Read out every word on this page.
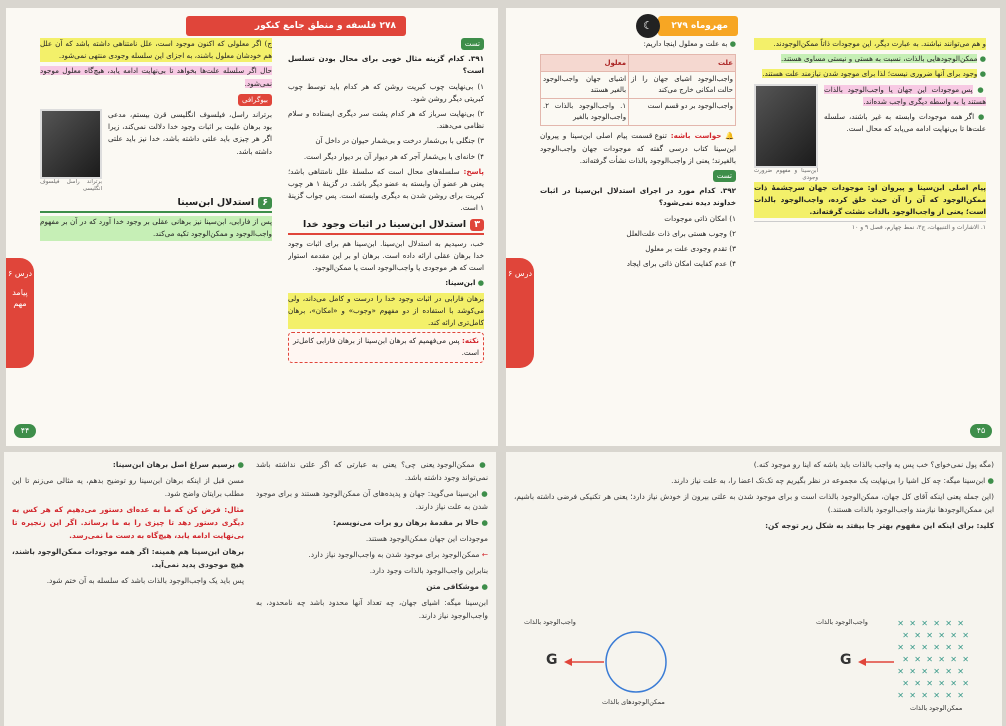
۲۷۸ فلسفه و منطق جامع کنکور
تست
۳۹۱. کدام گزینه مثال خوبی برای محال بودن تسلسل است؟
۱) بی‌نهایت چوب کبریت روشن که هر کدام باید توسط چوب کبریتی دیگر روشن شود.
۲) بی‌نهایت سرباز که هر کدام پشت سر دیگری ایستاده و سلام نظامی می‌دهند.
۳) جنگلی با بی‌شمار درخت و بی‌شمار حیوان در داخل آن
۴) خانه‌ای با بی‌شمار آجر که هر دیوار آن بر دیوار دیگر است.
پاسخ: سلسله‌های محال است که سلسلهٔ علل نامتناهی باشد؛ یعنی هر عضو آن وابسته به عضو دیگر باشد. در گزینهٔ ۱ هر چوب کبریت برای روشن شدن به دیگری وابسته است. پس جواب گزینهٔ ۱ است.
۳استدلال ابن‌سینا در اثبات وجود خدا
خب، رسیدیم به استدلال ابن‌سینا. ابن‌سینا هم برای اثبات وجود خدا برهان عقلی ارائه داده است. برهان او بر این مقدمه استوار است که هر موجودی یا واجب‌الوجود است یا ممکن‌الوجود.
● ابن‌سینا:
برهان فارابی در اثبات وجود خدا را درست و کامل می‌داند، ولی می‌کوشد با استفاده از دو مفهوم «وجوب» و «امکان»، برهان کامل‌تری ارائه کند.
نکته: پس می‌فهمیم که برهان ابن‌سینا از برهان فارابی کامل‌تر است.
درس ۶
پیامد مهم
ج) اگر معلولی که اکنون موجود است، علل نامتناهی داشته باشد که آن علل هم خودشان معلول باشند، به اجزای این سلسله وجودی منتهی نمی‌شود.
حال اگر سلسله علت‌ها بخواهد تا بی‌نهایت ادامه یابد، هیچ‌گاه معلول موجود نمی‌شود.
بیوگرافی
برتراند راسل، فیلسوف انگلیسی قرن بیستم، مدعی بود برهان علیت بر اثبات وجود خدا دلالت نمی‌کند، زیرا اگر هر چیزی باید علتی داشته باشد، خدا نیز باید علتی داشته باشد.
برتراند راسل فیلسوف انگلیسی
۶استدلال ابن‌سینا
پس از فارابی، ابن‌سینا نیز برهانی عقلی بر وجود خدا آورد که در آن بر مفهوم واجب‌الوجود و ممکن‌الوجود تکیه می‌کند.
۴۴
مهروماه ۲۷۹
☾
و هم می‌توانند نباشند. به عبارت دیگر، این موجودات ذاتاً ممکن‌الوجودند.
● ممکن‌الوجودهایی بالذات، نسبت به هستی و نیستی مساوی هستند.
● وجود برای آنها ضروری نیست؛ لذا برای موجود شدن نیازمند علت هستند.
● پس موجودات این جهان یا واجب‌الوجود بالذات هستند یا به واسطه دیگری واجب شده‌اند.
● اگر همه موجودات وابسته به غیر باشند، سلسله علت‌ها تا بی‌نهایت ادامه می‌یابد که محال است.
ابن‌سینا و مفهوم ضرورت وجودی
پیام اصلی ابن‌سینا و پیروان او: موجودات جهان سرچشمهٔ ذات ممکن‌الوجود که آن را آن حیث خلق کرده، واجب‌الوجود بالذات است؛ یعنی از واجب‌الوجود بالذات نشئت گرفته‌اند.
۱. الاشارات و التنبیهات، ج۳، نمط چهارم، فصل ۹ و ۱۰
● به علت و معلول اینجا داریم:
علت	معلول
واجب‌الوجود اشیای جهان را از حالت امکانی خارج می‌کند	اشیای جهان واجب‌الوجود بالغیر هستند
واجب‌الوجود بر دو قسم است	۱. واجب‌الوجود بالذات ۲. واجب‌الوجود بالغیر
🔔 حواست باشه: تنوع قسمت پیام اصلی ابن‌سینا و پیروان ابن‌سینا کتاب درسی گفته که موجودات جهان واجب‌الوجود بالغیرند؛ یعنی از واجب‌الوجود بالذات نشأت گرفته‌اند.
تست
۳۹۲. کدام مورد در اجرای استدلال ابن‌سینا در اثبات خداوند دیده نمی‌شود؟
۱) امکان ذاتی موجودات
۲) وجوب هستی برای ذات علت‌العلل
۳) تقدم وجودی علت بر معلول
۴) عدم کفایت امکان ذاتی برای ایجاد
درس ۶
۴۵
● ممکن‌الوجود یعنی چی؟ یعنی به عبارتی که اگر علتی نداشته باشد نمی‌تواند وجود داشته باشد.
● ابن‌سینا می‌گوید: جهان و پدیده‌های آن ممکن‌الوجود هستند و برای موجود شدن به علت نیاز دارند.
● حالا بر مقدمهٔ برهان رو برات می‌نویسم:
موجودات این جهان ممکن‌الوجود هستند.
← ممکن‌الوجود برای موجود شدن به واجب‌الوجود نیاز دارد.
بنابراین واجب‌الوجود بالذات وجود دارد.
● موشکافی متن
ابن‌سینا میگه: اشیای جهان، چه تعداد آنها محدود باشد چه نامحدود، به واجب‌الوجود نیاز دارند.
● برسیم سراغ اصل برهان ابن‌سینا:
مسن قبل از اینکه برهان ابن‌سینا رو توضیح بدهم، یه مثالی می‌زنم تا این مطلب برایتان واضح شود.
مثال: فرض کن که ما به عده‌ای دستور می‌دهیم که هر کس به دیگری دستور دهد تا چیزی را به ما برساند. اگر این زنجیره تا بی‌نهایت ادامه یابد، هیچ‌گاه به دست ما نمی‌رسد.
برهان ابن‌سینا هم همینه: اگر همه موجودات ممکن‌الوجود باشند، هیچ موجودی پدید نمی‌آید.
پس باید یک واجب‌الوجود بالذات باشد که سلسله به آن ختم شود.
(مگه پول نمی‌خوای؟ خب پس یه واجب بالذات باید باشه که اینا رو موجود کنه.)
● ابن‌سینا میگه: چه کل اشیا را بی‌نهایت یک مجموعه در نظر بگیریم چه تک‌تک اعضا را، به علت نیاز دارند.
(این جمله یعنی اینکه آقای کل جهان، ممکن‌الوجود بالذات است و برای موجود شدن به علتی بیرون از خودش نیاز دارد؛ یعنی هر تکنیکی فرضی داشته باشیم، این ممکن‌الوجودها نیازمند واجب‌الوجود بالذات هستند.)
کلید: برای اینکه این مفهوم بهتر جا بیفتد به شکل زیر توجه کن:
G
واجب‌الوجود بالذات
ممکن‌الوجودهای بالذات
✕ ✕ ✕ ✕ ✕ ✕
✕ ✕ ✕ ✕ ✕ ✕
✕ ✕ ✕ ✕ ✕ ✕
✕ ✕ ✕ ✕ ✕ ✕
✕ ✕ ✕ ✕ ✕ ✕
✕ ✕ ✕ ✕ ✕ ✕
✕ ✕ ✕ ✕ ✕ ✕
G
واجب‌الوجود بالذات
ممکن‌الوجود بالذات
